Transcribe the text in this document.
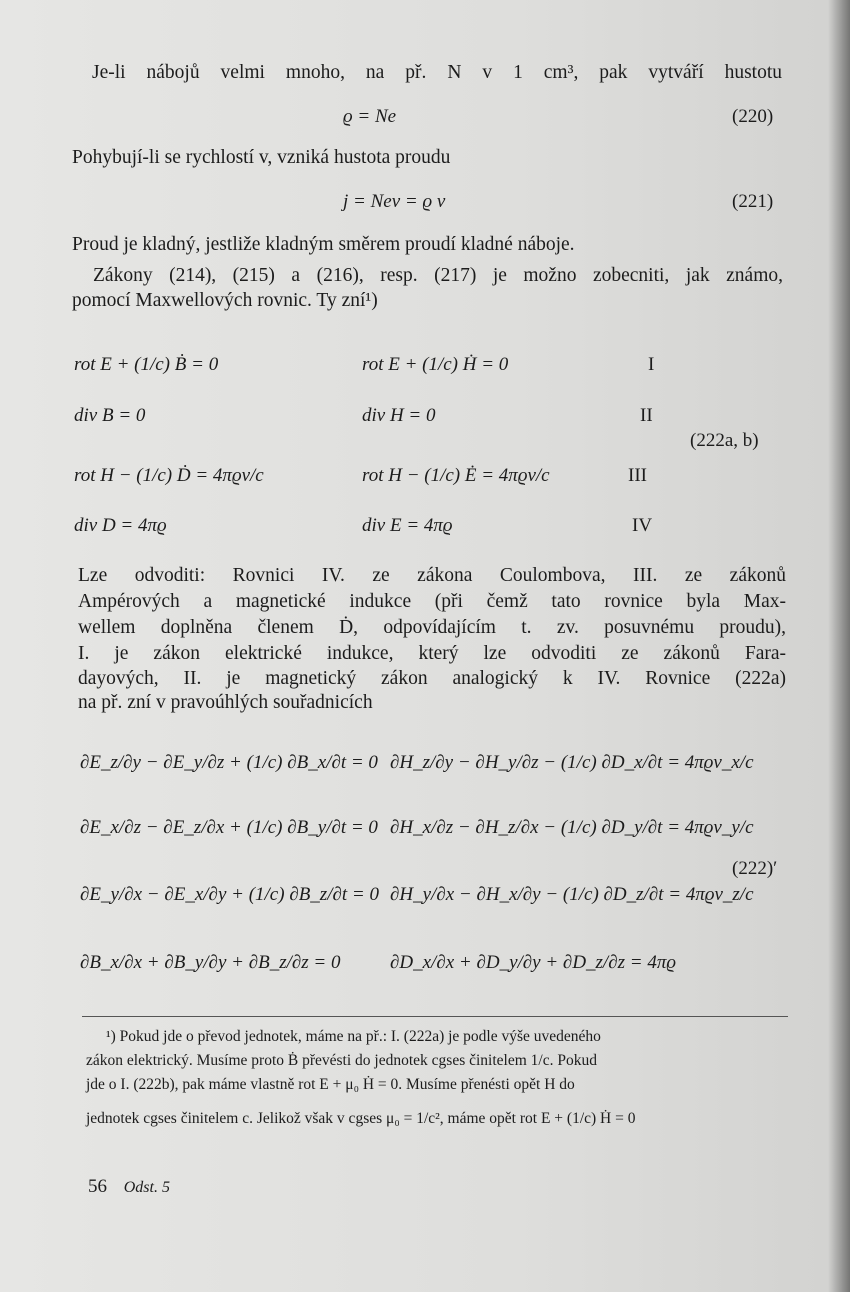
Je-li nábojů velmi mnoho, na př. N v 1 cm³, pak vytváří hustotu
ϱ = Ne	(220)
Pohybují-li se rychlostí v, vzniká hustota proudu
j = Nev = ϱ v	(221)
Proud je kladný, jestliže kladným směrem proudí kladné náboje.
Zákony (214), (215) a (216), resp. (217) je možno zobecniti, jak známo,
pomocí Maxwellových rovnic. Ty zní¹)
rot E + (1/c) Ḃ = 0	rot E + (1/c) Ḣ = 0	I
div B = 0	div H = 0	II
(222a, b)
rot H − (1/c) Ḋ = 4πϱv/c	rot H − (1/c) Ė = 4πϱv/c	III
div D = 4πϱ	div E = 4πϱ	IV
Lze odvoditi: Rovnici IV. ze zákona Coulombova, III. ze zákonů
Ampérových a magnetické indukce (při čemž tato rovnice byla Max-
wellem doplněna členem Ḋ, odpovídajícím t. zv. posuvnému proudu),
I. je zákon elektrické indukce, který lze odvoditi ze zákonů Fara-
dayových, II. je magnetický zákon analogický k IV. Rovnice (222a)
na př. zní v pravoúhlých souřadnicích
∂E_z/∂y − ∂E_y/∂z + (1/c) ∂B_x/∂t = 0 ∂H_z/∂y − ∂H_y/∂z − (1/c) ∂D_x/∂t = 4πϱv_x/c
∂E_x/∂z − ∂E_z/∂x + (1/c) ∂B_y/∂t = 0 ∂H_x/∂z − ∂H_z/∂x − (1/c) ∂D_y/∂t = 4πϱv_y/c
(222)′
∂E_y/∂x − ∂E_x/∂y + (1/c) ∂B_z/∂t = 0 ∂H_y/∂x − ∂H_x/∂y − (1/c) ∂D_z/∂t = 4πϱv_z/c
∂B_x/∂x + ∂B_y/∂y + ∂B_z/∂z = 0	∂D_x/∂x + ∂D_y/∂y + ∂D_z/∂z = 4πϱ
¹) Pokud jde o převod jednotek, máme na př.: I. (222a) je podle výše uvedeného
zákon elektrický. Musíme proto Ḃ převésti do jednotek cgses činitelem 1/c. Pokud
jde o I. (222b), pak máme vlastně rot E + μ₀ Ḣ = 0. Musíme přenésti opět H do
jednotek cgses činitelem c. Jelikož však v cgses μ₀ = 1/c², máme opět rot E + (1/c) Ḣ = 0
56 Odst. 5
